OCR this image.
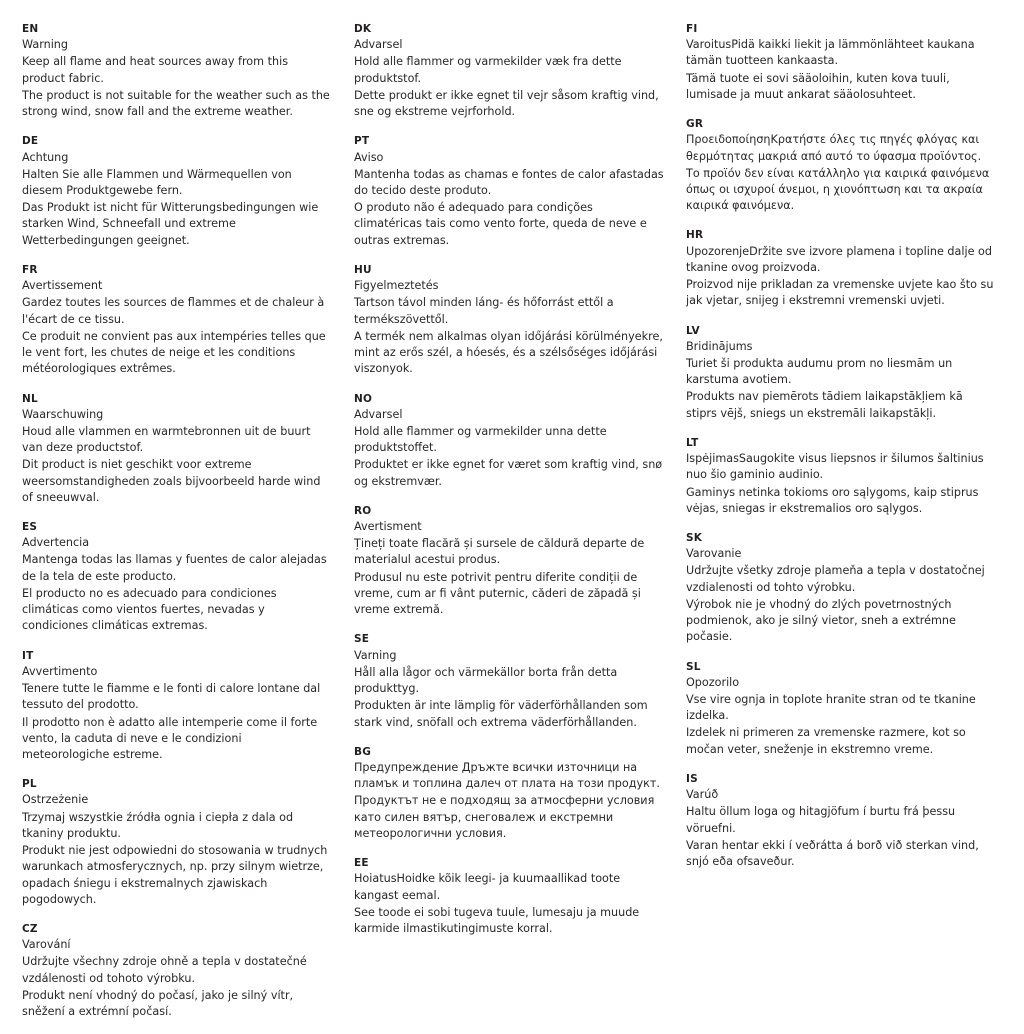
EN

Warning

Keep all flame and heat sources away from this product fabric.

The product is not suitable for the weather such as the strong wind, snow fall and the extreme weather.

DE

Achtung

Halten Sie alle Flammen und Wärmequellen von diesem Produktgewebe fern.

Das Produkt ist nicht für Witterungsbedingungen wie starken Wind, Schneefall und extreme Wetterbedingungen geeignet.

FR

Avertissement

Gardez toutes les sources de flammes et de chaleur à l'écart de ce tissu.

Ce produit ne convient pas aux intempéries telles que le vent fort, les chutes de neige et les conditions météorologiques extrêmes.

NL

Waarschuwing

Houd alle vlammen en warmtebronnen uit de buurt van deze productstof.

Dit product is niet geschikt voor extreme weersomstandigheden zoals bijvoorbeeld harde wind of sneeuwval.

ES

Advertencia

Mantenga todas las llamas y fuentes de calor alejadas de la tela de este producto.

El producto no es adecuado para condiciones climáticas como vientos fuertes, nevadas y condiciones climáticas extremas.

IT

Avvertimento

Tenere tutte le fiamme e le fonti di calore lontane dal tessuto del prodotto.

Il prodotto non è adatto alle intemperie come il forte vento, la caduta di neve e le condizioni meteorologiche estreme.

PL

Ostrzeżenie

Trzymaj wszystkie źródła ognia i ciepła z dala od tkaniny produktu.

Produkt nie jest odpowiedni do stosowania w trudnych warunkach atmosferycznych, np. przy silnym wietrze, opadach śniegu i ekstremalnych zjawiskach pogodowych.

CZ

Varování

Udržujte všechny zdroje ohně a tepla v dostatečné vzdálenosti od tohoto výrobku.

Produkt není vhodný do počasí, jako je silný vítr, sněžení a extrémní počasí.

DK

Advarsel

Hold alle flammer og varmekilder væk fra dette produktstof.

Dette produkt er ikke egnet til vejr såsom kraftig vind, sne og ekstreme vejrforhold.

PT

Aviso

Mantenha todas as chamas e fontes de calor afastadas do tecido deste produto.

O produto não é adequado para condições climatéricas tais como vento forte, queda de neve e outras extremas.

HU

Figyelmeztetés

Tartson távol minden láng- és hőforrást ettől a termékszövettől.

A termék nem alkalmas olyan időjárási körülményekre, mint az erős szél, a hóesés, és a szélsőséges időjárási viszonyok.

NO

Advarsel

Hold alle flammer og varmekilder unna dette produktstoffet.

Produktet er ikke egnet for været som kraftig vind, snø og ekstremvær.

RO

Avertisment

Țineți toate flacără și sursele de căldură departe de materialul acestui produs.

Produsul nu este potrivit pentru diferite condiții de vreme, cum ar fi vânt puternic, căderi de zăpadă și vreme extremă.

SE

Varning

Håll alla lågor och värmekällor borta från detta produkttyg.

Produkten är inte lämplig för väderförhållanden som stark vind, snöfall och extrema väderförhållanden.

BG

Предупреждение Дръжте всички източници на пламък и топлина далеч от плата на този продукт.

Продуктът не е подходящ за атмосферни условия като силен вятър, снеговалеж и екстремни метеорологични условия.

EE

HoiatusHoidke kõik leegi- ja kuumaallikad toote kangast eemal.

See toode ei sobi tugeva tuule, lumesaju ja muude karmide ilmastikutingimuste korral.

FI

VaroitusPidä kaikki liekit ja lämmönlähteet kaukana tämän tuotteen kankaasta.

Tämä tuote ei sovi sääoloihin, kuten kova tuuli, lumisade ja muut ankarat sääolosuhteet.

GR

ΠροειδοποίησηΚρατήστε όλες τις πηγές φλόγας και θερμότητας μακριά από αυτό το ύφασμα προϊόντος.

Το προϊόν δεν είναι κατάλληλο για καιρικά φαινόμενα όπως οι ισχυροί άνεμοι, η χιονόπτωση και τα ακραία καιρικά φαινόμενα.

HR

UpozorenjeDržite sve izvore plamena i topline dalje od tkanine ovog proizvoda.

Proizvod nije prikladan za vremenske uvjete kao što su jak vjetar, snijeg i ekstremni vremenski uvjeti.

LV

Bridinājums

Turiet ši produkta audumu prom no liesmām un karstuma avotiem.

Produkts nav piemērots tādiem laikapstākļiem kā stiprs vējš, sniegs un ekstremāli laikapstākļi.

LT

IspėjimasSaugokite visus liepsnos ir šilumos šaltinius nuo šio gaminio audinio.

Gaminys netinka tokioms oro sąlygoms, kaip stiprus vėjas, sniegas ir ekstremalios oro sąlygos.

SK

Varovanie

Udržujte všetky zdroje plameňa a tepla v dostatočnej vzdialenosti od tohto výrobku.

Výrobok nie je vhodný do zlých povetrnostných podmienok, ako je silný vietor, sneh a extrémne počasie.

SL

Opozorilo

Vse vire ognja in toplote hranite stran od te tkanine izdelka.

Izdelek ni primeren za vremenske razmere, kot so močan veter, sneženje in ekstremno vreme.

IS

Varúð

Haltu öllum loga og hitagjöfum í burtu frá þessu vöruefni.

Varan hentar ekki í veðrátta á borð við sterkan vind, snjó eða ofsaveður.
